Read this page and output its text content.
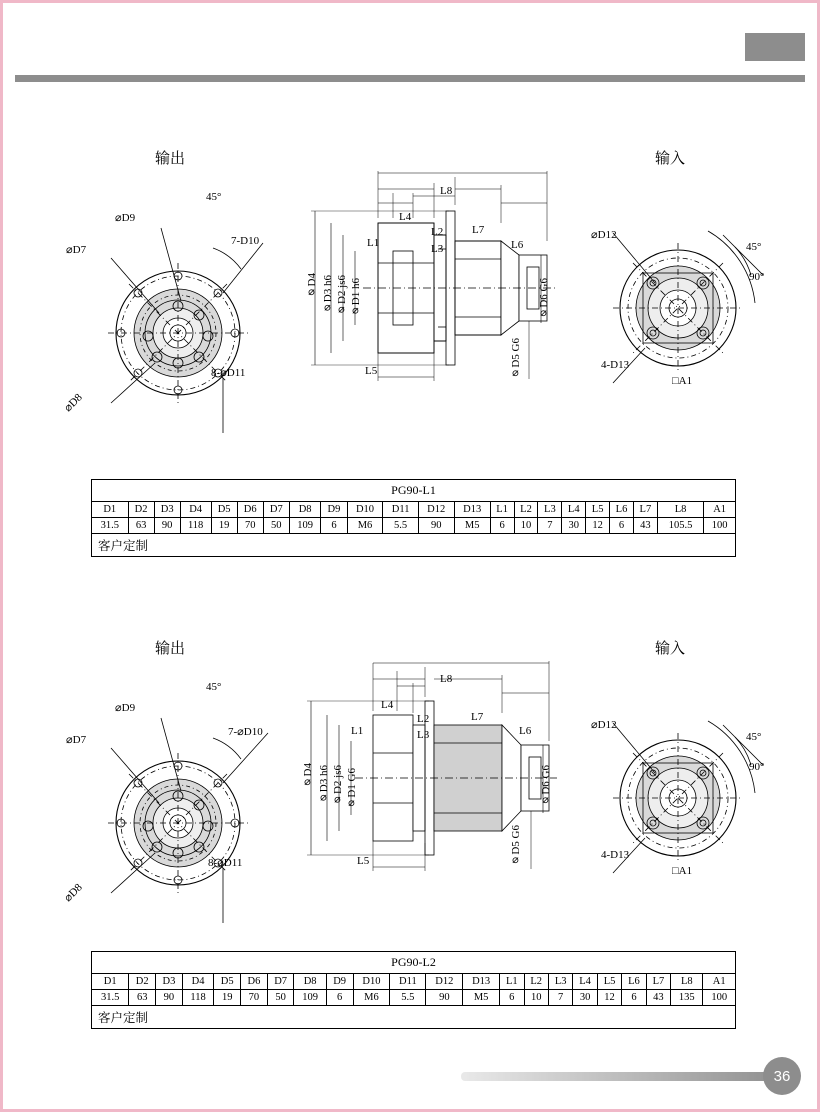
输出	输入
⌀D9
45°
7-D10
⌀D7
⌀D8
8-⌀D11
L8
L4
L2	L7
L1	L3	L6
⌀D4 ⌀D3 h6 ⌀D2 js6 ⌀D1 h6	⌀D6 G6
L5	⌀D5 G6
⌀D12
45°
90°
4-D13
□A1
PG90-L1																					
D1	D2	D3	D4	D5	D6	D7	D8	D9	D10	D11	D12	D13	L1	L2	L3	L4	L5	L6	L7	L8	A1
31.5	63	90	118	19	70	50	109	6	M6	5.5	90	M5	6	10	7	30	12	6	43	105.5	100
客户定制																					
输出	输入
⌀D9
45°
7-⌀D10
⌀D7
⌀D8
8-⌀D11
L8
L4
L2	L7
L1	L3	L6
⌀D4 ⌀D3 h6 ⌀D2 js6 ⌀D1 G6	⌀D6 G6
L5	⌀D5 G6
⌀D12
45°
90°
4-D13
□A1
PG90-L2																					
D1	D2	D3	D4	D5	D6	D7	D8	D9	D10	D11	D12	D13	L1	L2	L3	L4	L5	L6	L7	L8	A1
31.5	63	90	118	19	70	50	109	6	M6	5.5	90	M5	6	10	7	30	12	6	43	135	100
客户定制																					
36
